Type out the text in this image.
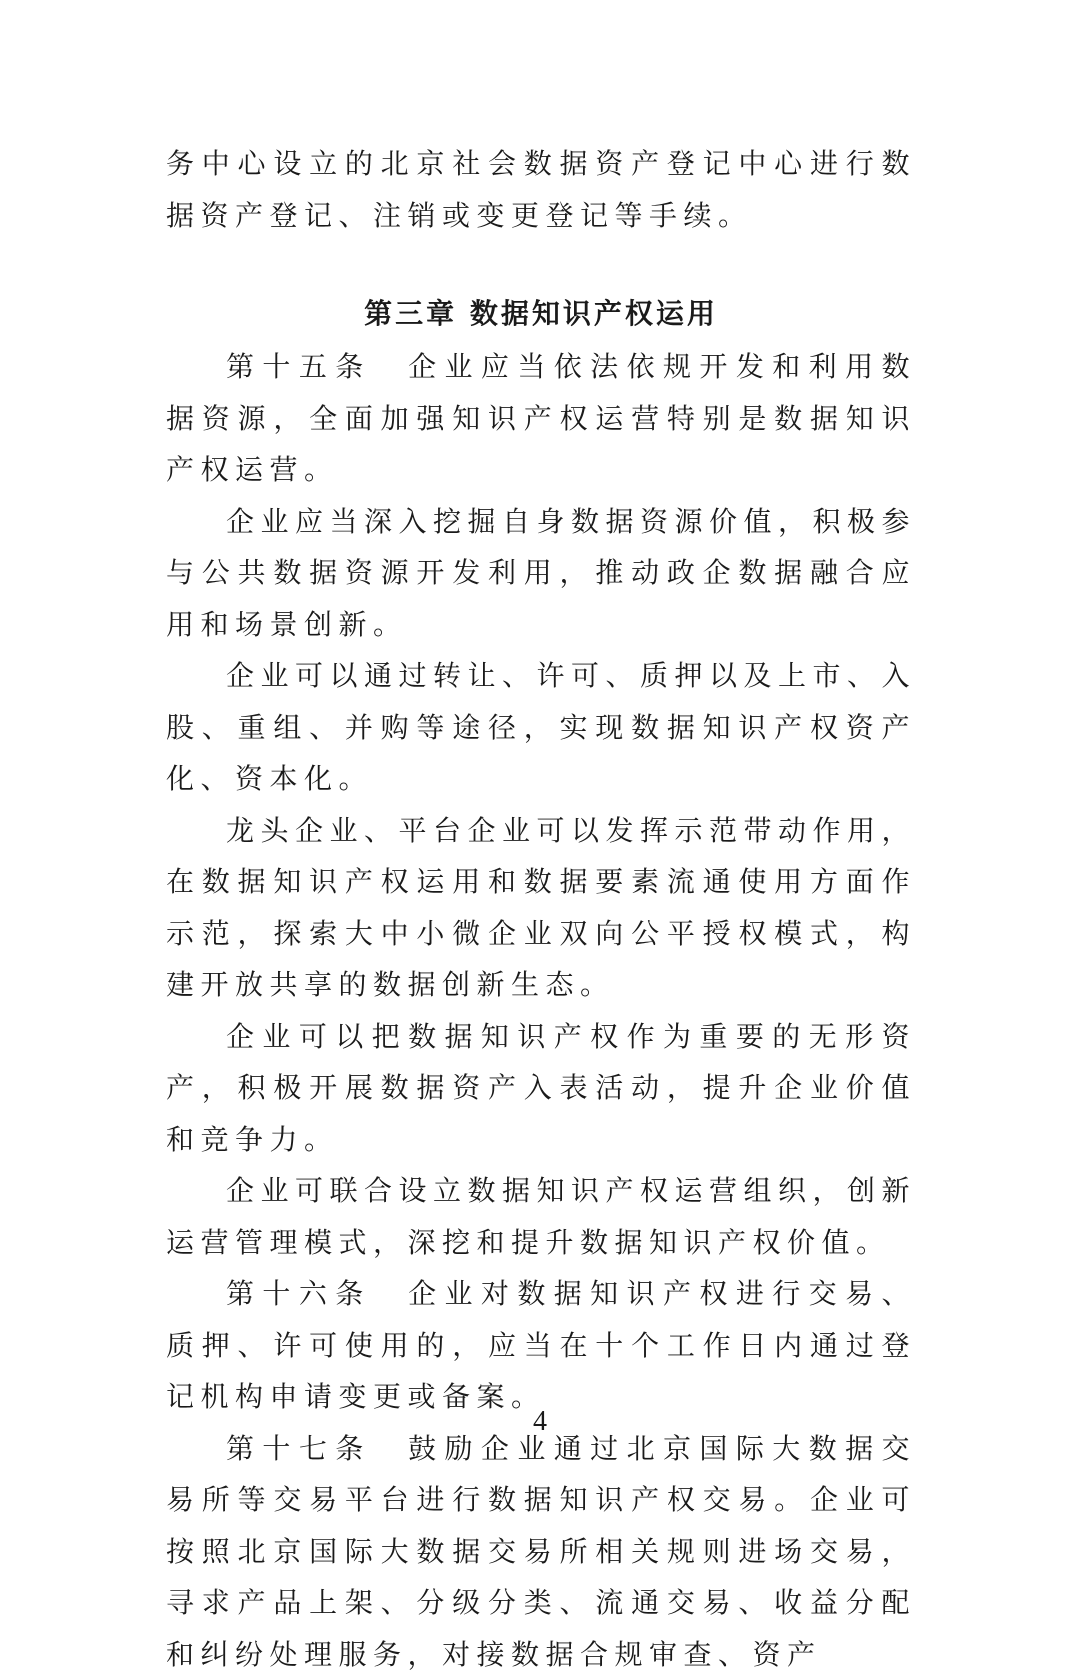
务中心设立的北京社会数据资产登记中心进行数据资产登记、注销或变更登记等手续。

第三章 数据知识产权运用

第十五条  企业应当依法依规开发和利用数据资源，全面加强知识产权运营特别是数据知识产权运营。

企业应当深入挖掘自身数据资源价值，积极参与公共数据资源开发利用，推动政企数据融合应用和场景创新。

企业可以通过转让、许可、质押以及上市、入股、重组、并购等途径，实现数据知识产权资产化、资本化。

龙头企业、平台企业可以发挥示范带动作用，在数据知识产权运用和数据要素流通使用方面作示范，探索大中小微企业双向公平授权模式，构建开放共享的数据创新生态。

企业可以把数据知识产权作为重要的无形资产，积极开展数据资产入表活动，提升企业价值和竞争力。

企业可联合设立数据知识产权运营组织，创新运营管理模式，深挖和提升数据知识产权价值。

第十六条  企业对数据知识产权进行交易、质押、许可使用的，应当在十个工作日内通过登记机构申请变更或备案。

第十七条  鼓励企业通过北京国际大数据交易所等交易平台进行数据知识产权交易。企业可按照北京国际大数据交易所相关规则进场交易，寻求产品上架、分级分类、流通交易、收益分配和纠纷处理服务，对接数据合规审查、资产

4
